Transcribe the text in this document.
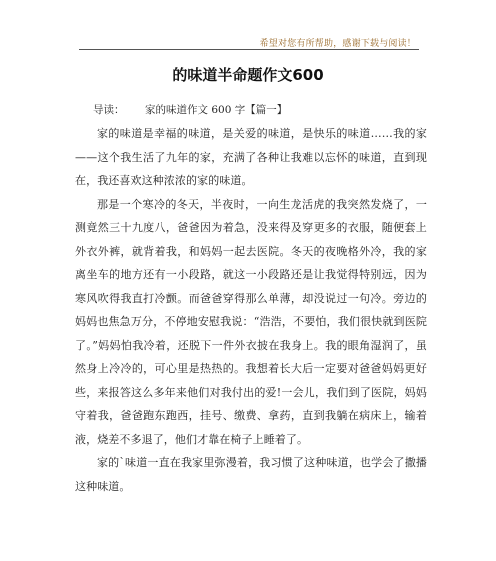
希望对您有所帮助，感谢下载与阅读！
的味道半命题作文600
导读： 家的味道作文 600 字【篇一】

家的味道是幸福的味道，是关爱的味道，是快乐的味道……我的家——这个我生活了九年的家，充满了各种让我难以忘怀的味道，直到现在，我还喜欢这种浓浓的家的味道。

那是一个寒冷的冬天，半夜时，一向生龙活虎的我突然发烧了，一测竟然三十九度八，爸爸因为着急，没来得及穿更多的衣服，随便套上外衣外裤，就背着我，和妈妈一起去医院。冬天的夜晚格外冷，我的家离坐车的地方还有一小段路，就这一小段路还是让我觉得特别远，因为寒风吹得我直打冷颤。而爸爸穿得那么单薄，却没说过一句冷。旁边的妈妈也焦急万分，不停地安慰我说：“浩浩，不要怕，我们很快就到医院了。”妈妈怕我冷着，还脱下一件外衣披在我身上。我的眼角湿润了，虽然身上冷冷的，可心里是热热的。我想着长大后一定要对爸爸妈妈更好些，来报答这么多年来他们对我付出的爱!一会儿，我们到了医院，妈妈守着我，爸爸跑东跑西，挂号、缴费、拿药，直到我躺在病床上，输着液，烧差不多退了，他们才靠在椅子上睡着了。

家的`味道一直在我家里弥漫着，我习惯了这种味道，也学会了撒播这种味道。
